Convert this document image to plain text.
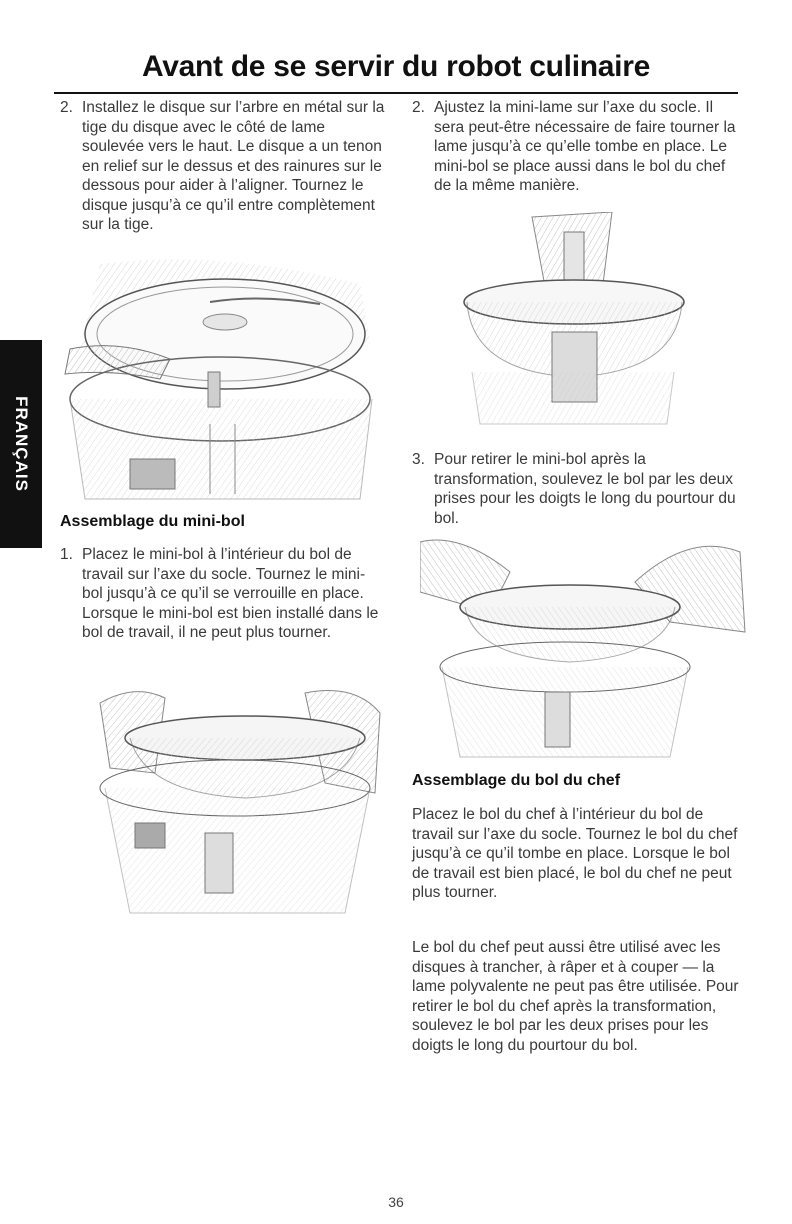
Avant de se servir du robot culinaire
FRANÇAIS
2. Installez le disque sur l’arbre en métal sur la tige du disque avec le côté de lame soulevée vers le haut. Le disque a un tenon en relief sur le dessus et des rainures sur le dessous pour aider à l’aligner. Tournez le disque jusqu’à ce qu’il entre complètement sur la tige.
Assemblage du mini-bol
1. Placez le mini-bol à l’intérieur du bol de travail sur l’axe du socle. Tournez le mini-bol jusqu’à ce qu’il se verrouille en place. Lorsque le mini-bol est bien installé dans le bol de travail, il ne peut plus tourner.
2. Ajustez la mini-lame sur l’axe du socle. Il sera peut-être nécessaire de faire tourner la lame jusqu’à ce qu’elle tombe en place. Le mini-bol se place aussi dans le bol du chef de la même manière.
3. Pour retirer le mini-bol après la transformation, soulevez le bol par les deux prises pour les doigts le long du pourtour du bol.
Assemblage du bol du chef
Placez le bol du chef à l’intérieur du bol de travail sur l’axe du socle. Tournez le bol du chef jusqu’à ce qu’il tombe en place. Lorsque le bol de travail est bien placé, le bol du chef ne peut plus tourner.
Le bol du chef peut aussi être utilisé avec les disques à trancher, à râper et à couper — la lame polyvalente ne peut pas être utilisée. Pour retirer le bol du chef après la transformation, soulevez le bol par les deux prises pour les doigts le long du pourtour du bol.
36
